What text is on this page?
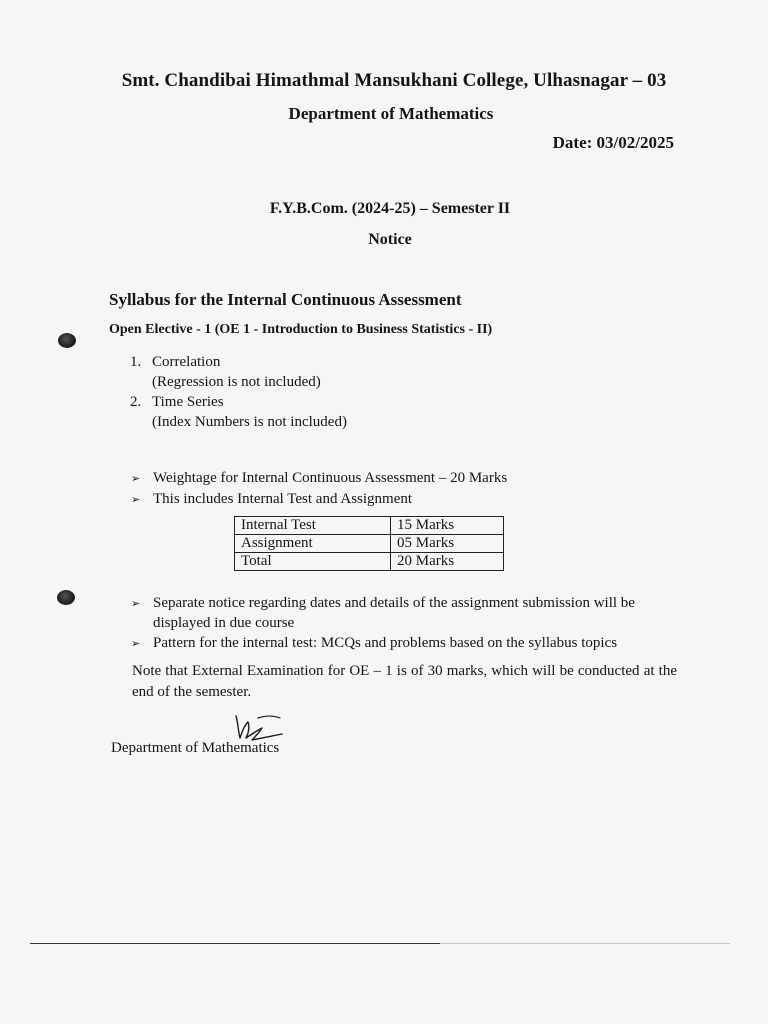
Smt. Chandibai Himathmal Mansukhani College, Ulhasnagar – 03
Department of Mathematics
Date: 03/02/2025
F.Y.B.Com. (2024-25) – Semester II
Notice
Syllabus for the Internal Continuous Assessment
Open Elective - 1 (OE 1 - Introduction to Business Statistics - II)
1. Correlation
(Regression is not included)
2. Time Series
(Index Numbers is not included)
➢ Weightage for Internal Continuous Assessment – 20 Marks
➢ This includes Internal Test and Assignment
Internal Test	15 Marks
Assignment	05 Marks
Total	20 Marks
➢ Separate notice regarding dates and details of the assignment submission will be displayed in due course
➢ Pattern for the internal test: MCQs and problems based on the syllabus topics
Note that External Examination for OE – 1 is of 30 marks, which will be conducted at the end of the semester.
Department of Mathematics
